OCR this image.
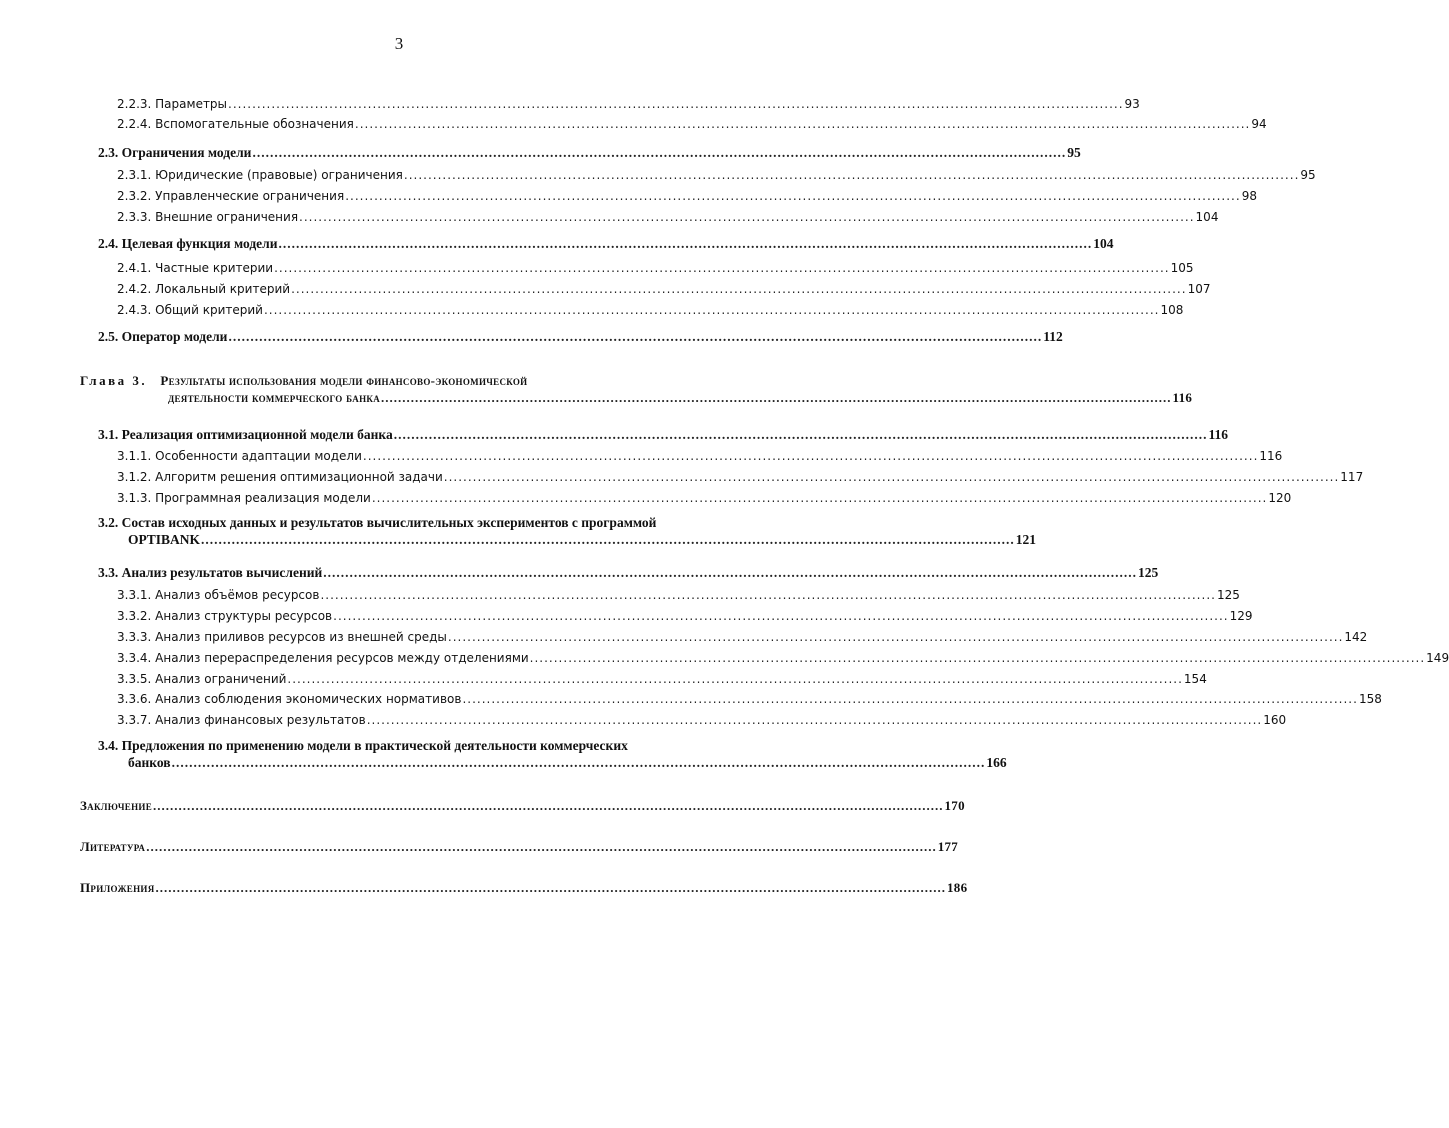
3
2.2.3. Параметры .......................................................................................................................................................................................... 93
2.2.4. Вспомогательные обозначения .......................................................................................................................................................................................... 94
2.3. Ограничения модели .......................................................................................................................................................................................... 95
2.3.1. Юридические (правовые) ограничения .......................................................................................................................................................................................... 95
2.3.2. Управленческие ограничения .......................................................................................................................................................................................... 98
2.3.3. Внешние ограничения .......................................................................................................................................................................................... 104
2.4. Целевая функция модели .......................................................................................................................................................................................... 104
2.4.1. Частные критерии .......................................................................................................................................................................................... 105
2.4.2. Локальный критерий .......................................................................................................................................................................................... 107
2.4.3. Общий критерий .......................................................................................................................................................................................... 108
2.5. Оператор модели .......................................................................................................................................................................................... 112
Глава 3. Результаты использования модели финансово-экономической
деятельности коммерческого банка .......................................................................................................................................................................................... 116
3.1. Реализация оптимизационной модели банка .......................................................................................................................................................................................... 116
3.1.1. Особенности адаптации модели .......................................................................................................................................................................................... 116
3.1.2. Алгоритм решения оптимизационной задачи .......................................................................................................................................................................................... 117
3.1.3. Программная реализация модели .......................................................................................................................................................................................... 120
3.2. Состав исходных данных и результатов вычислительных экспериментов с программой
OPTIBANK .......................................................................................................................................................................................... 121
3.3. Анализ результатов вычислений .......................................................................................................................................................................................... 125
3.3.1. Анализ объёмов ресурсов .......................................................................................................................................................................................... 125
3.3.2. Анализ структуры ресурсов .......................................................................................................................................................................................... 129
3.3.3. Анализ приливов ресурсов из внешней среды .......................................................................................................................................................................................... 142
3.3.4. Анализ перераспределения ресурсов между отделениями .......................................................................................................................................................................................... 149
3.3.5. Анализ ограничений .......................................................................................................................................................................................... 154
3.3.6. Анализ соблюдения экономических нормативов .......................................................................................................................................................................................... 158
3.3.7. Анализ финансовых результатов .......................................................................................................................................................................................... 160
3.4. Предложения по применению модели в практической деятельности коммерческих
банков .......................................................................................................................................................................................... 166
Заключение .......................................................................................................................................................................................... 170
Литература .......................................................................................................................................................................................... 177
Приложения .......................................................................................................................................................................................... 186
